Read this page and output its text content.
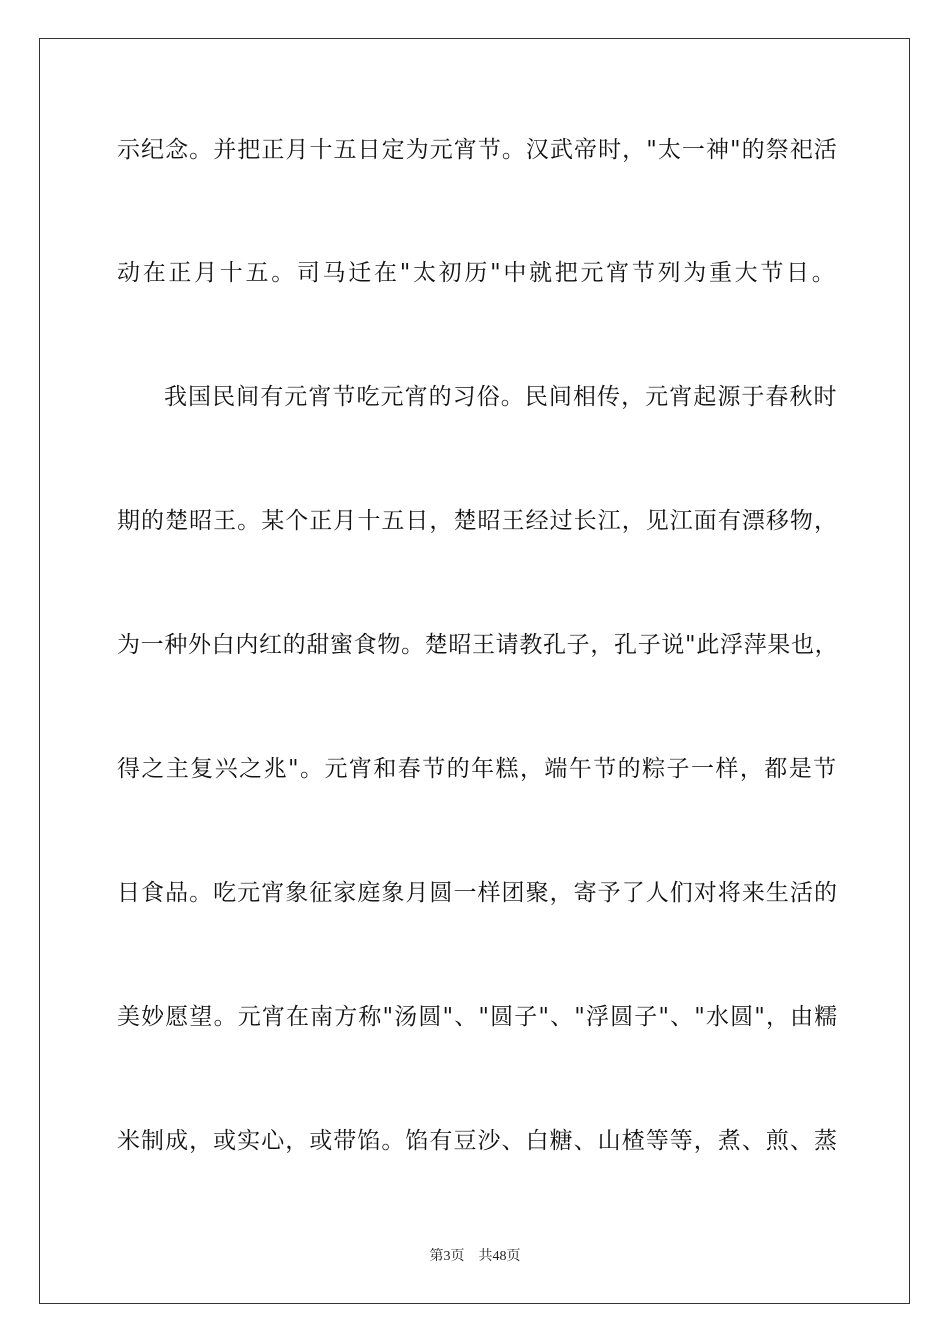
示纪念。并把正月十五日定为元宵节。汉武帝时，"太一神"的祭祀活
动在正月十五。司马迁在"太初历"中就把元宵节列为重大节日。
我国民间有元宵节吃元宵的习俗。民间相传，元宵起源于春秋时
期的楚昭王。某个正月十五日，楚昭王经过长江，见江面有漂移物，
为一种外白内红的甜蜜食物。楚昭王请教孔子，孔子说"此浮萍果也，
得之主复兴之兆"。元宵和春节的年糕，端午节的粽子一样，都是节
日食品。吃元宵象征家庭象月圆一样团聚，寄予了人们对将来生活的
美妙愿望。元宵在南方称"汤圆"、"圆子"、"浮圆子"、"水圆"，由糯
米制成，或实心，或带馅。馅有豆沙、白糖、山楂等等，煮、煎、蒸
第3页　共48页
